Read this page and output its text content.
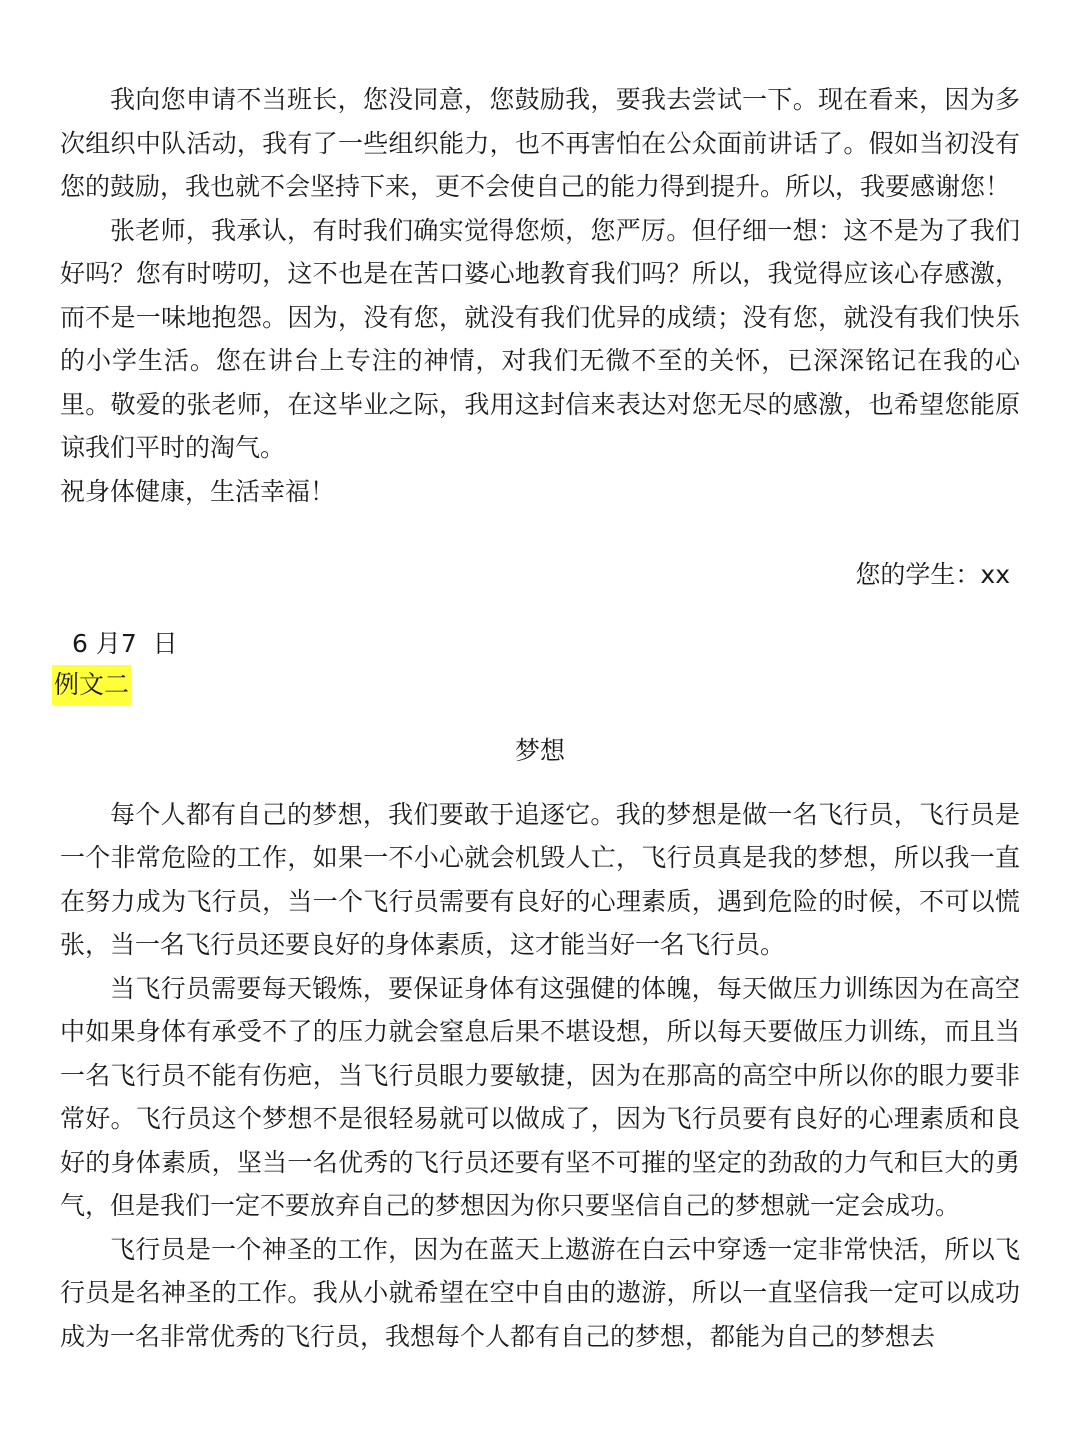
我向您申请不当班长，您没同意，您鼓励我，要我去尝试一下。现在看来，因为多次组织中队活动，我有了一些组织能力，也不再害怕在公众面前讲话了。假如当初没有您的鼓励，我也就不会坚持下来，更不会使自己的能力得到提升。所以，我要感谢您！

张老师，我承认，有时我们确实觉得您烦，您严厉。但仔细一想：这不是为了我们好吗？您有时唠叨，这不也是在苦口婆心地教育我们吗？所以，我觉得应该心存感激，而不是一味地抱怨。因为，没有您，就没有我们优异的成绩；没有您，就没有我们快乐的小学生活。您在讲台上专注的神情，对我们无微不至的关怀，已深深铭记在我的心里。敬爱的张老师，在这毕业之际，我用这封信来表达对您无尽的感激，也希望您能原谅我们平时的淘气。

祝身体健康，生活幸福！

您的学生：xx

6 月7  日

例文二

梦想

每个人都有自己的梦想，我们要敢于追逐它。我的梦想是做一名飞行员，飞行员是一个非常危险的工作，如果一不小心就会机毁人亡，飞行员真是我的梦想，所以我一直在努力成为飞行员，当一个飞行员需要有良好的心理素质，遇到危险的时候，不可以慌张，当一名飞行员还要良好的身体素质，这才能当好一名飞行员。

当飞行员需要每天锻炼，要保证身体有这强健的体魄，每天做压力训练因为在高空中如果身体有承受不了的压力就会窒息后果不堪设想，所以每天要做压力训练，而且当一名飞行员不能有伤疤，当飞行员眼力要敏捷，因为在那高的高空中所以你的眼力要非常好。飞行员这个梦想不是很轻易就可以做成了，因为飞行员要有良好的心理素质和良好的身体素质，坚当一名优秀的飞行员还要有坚不可摧的坚定的劲敌的力气和巨大的勇气，但是我们一定不要放弃自己的梦想因为你只要坚信自己的梦想就一定会成功。

飞行员是一个神圣的工作，因为在蓝天上遨游在白云中穿透一定非常快活，所以飞行员是名神圣的工作。我从小就希望在空中自由的遨游，所以一直坚信我一定可以成功成为一名非常优秀的飞行员，我想每个人都有自己的梦想，都能为自己的梦想去
